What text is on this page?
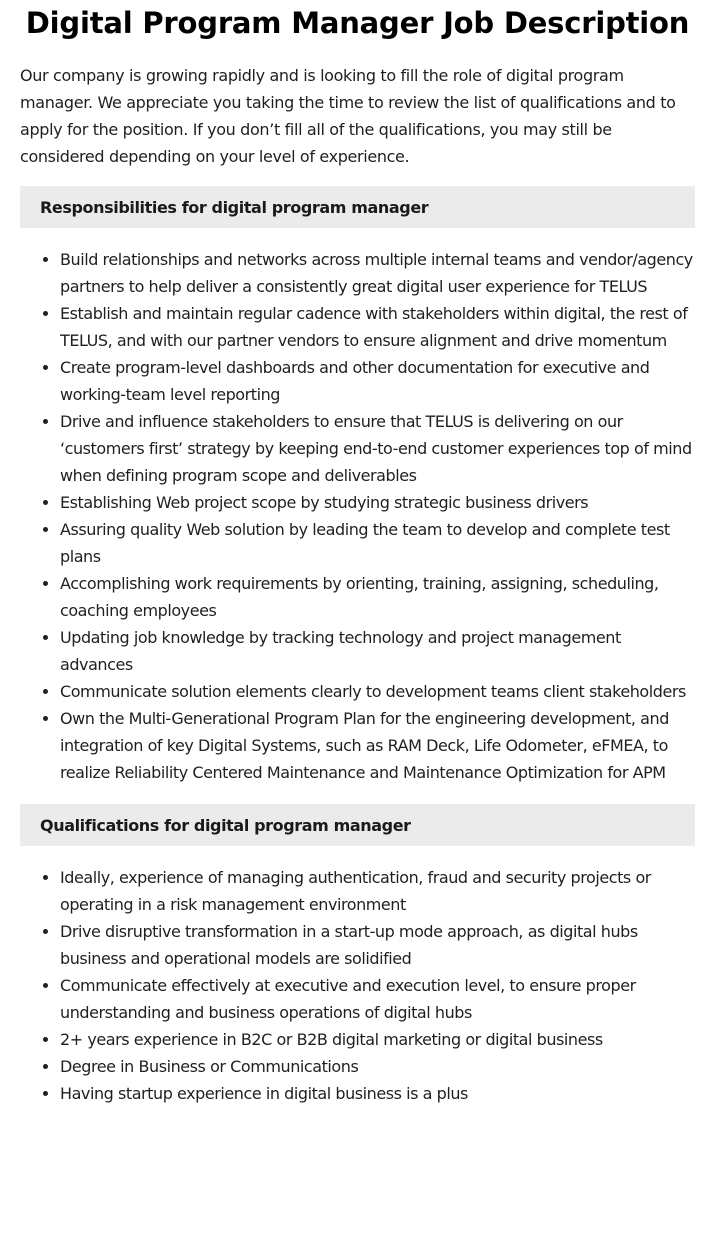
Digital Program Manager Job Description

Our company is growing rapidly and is looking to fill the role of digital program manager. We appreciate you taking the time to review the list of qualifications and to apply for the position. If you don’t fill all of the qualifications, you may still be considered depending on your level of experience.

Responsibilities for digital program manager
Build relationships and networks across multiple internal teams and vendor/agency partners to help deliver a consistently great digital user experience for TELUS
Establish and maintain regular cadence with stakeholders within digital, the rest of TELUS, and with our partner vendors to ensure alignment and drive momentum
Create program-level dashboards and other documentation for executive and working-team level reporting
Drive and influence stakeholders to ensure that TELUS is delivering on our ‘customers first’ strategy by keeping end-to-end customer experiences top of mind when defining program scope and deliverables
Establishing Web project scope by studying strategic business drivers
Assuring quality Web solution by leading the team to develop and complete test plans
Accomplishing work requirements by orienting, training, assigning, scheduling, coaching employees
Updating job knowledge by tracking technology and project management advances
Communicate solution elements clearly to development teams client stakeholders
Own the Multi-Generational Program Plan for the engineering development, and integration of key Digital Systems, such as RAM Deck, Life Odometer, eFMEA, to realize Reliability Centered Maintenance and Maintenance Optimization for APM
Qualifications for digital program manager
Ideally, experience of managing authentication, fraud and security projects or operating in a risk management environment
Drive disruptive transformation in a start-up mode approach, as digital hubs business and operational models are solidified
Communicate effectively at executive and execution level, to ensure proper understanding and business operations of digital hubs
2+ years experience in B2C or B2B digital marketing or digital business
Degree in Business or Communications
Having startup experience in digital business is a plus
